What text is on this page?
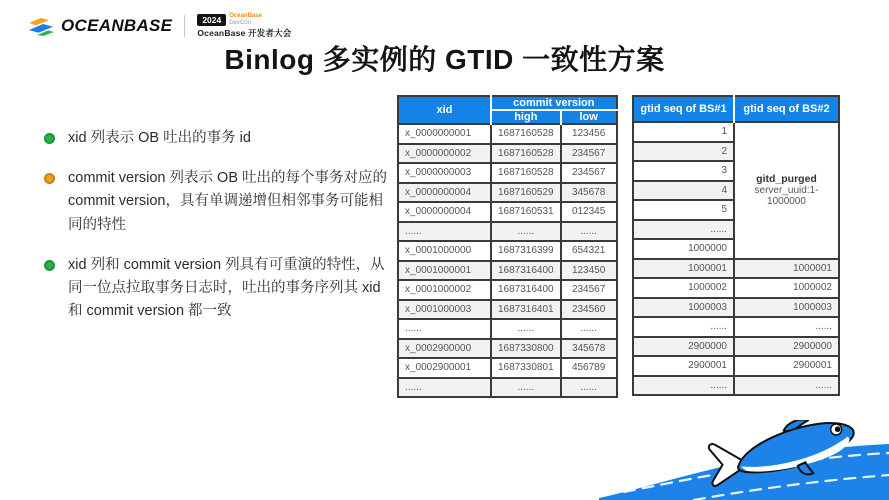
OCEANBASE	2024	OceanBase
DevCon
OceanBase 开发者大会
Binlog 多实例的 GTID 一致性方案
xid 列表示 OB 吐出的事务 id
commit version 列表示 OB 吐出的每个事务对应的 commit version，具有单调递增但相邻事务可能相同的特性
xid 列和 commit version 列具有可重演的特性，从同一位点拉取事务日志时，吐出的事务序列其 xid 和 commit version 都一致
xid	commit version	
	high	low
x_0000000001	1687160528	123456
x_0000000002	1687160528	234567
x_0000000003	1687160528	234567
x_0000000004	1687160529	345678
x_0000000004	1687160531	012345
......	......	......
x_0001000000	1687316399	654321
x_0001000001	1687316400	123450
x_0001000002	1687316400	234567
x_0001000003	1687316401	234560
......	......	......
x_0002900000	1687330800	345678
x_0002900001	1687330801	456789
......	......	......
gtid seq of BS#1	gtid seq of BS#2
1	gitd_purged
server_uuid:1-1000000

2	
3	
4	
5	
......	
1000000	
1000001	1000001
1000002	1000002
1000003	1000003
......	......
2900000	2900000
2900001	2900001
......	......
